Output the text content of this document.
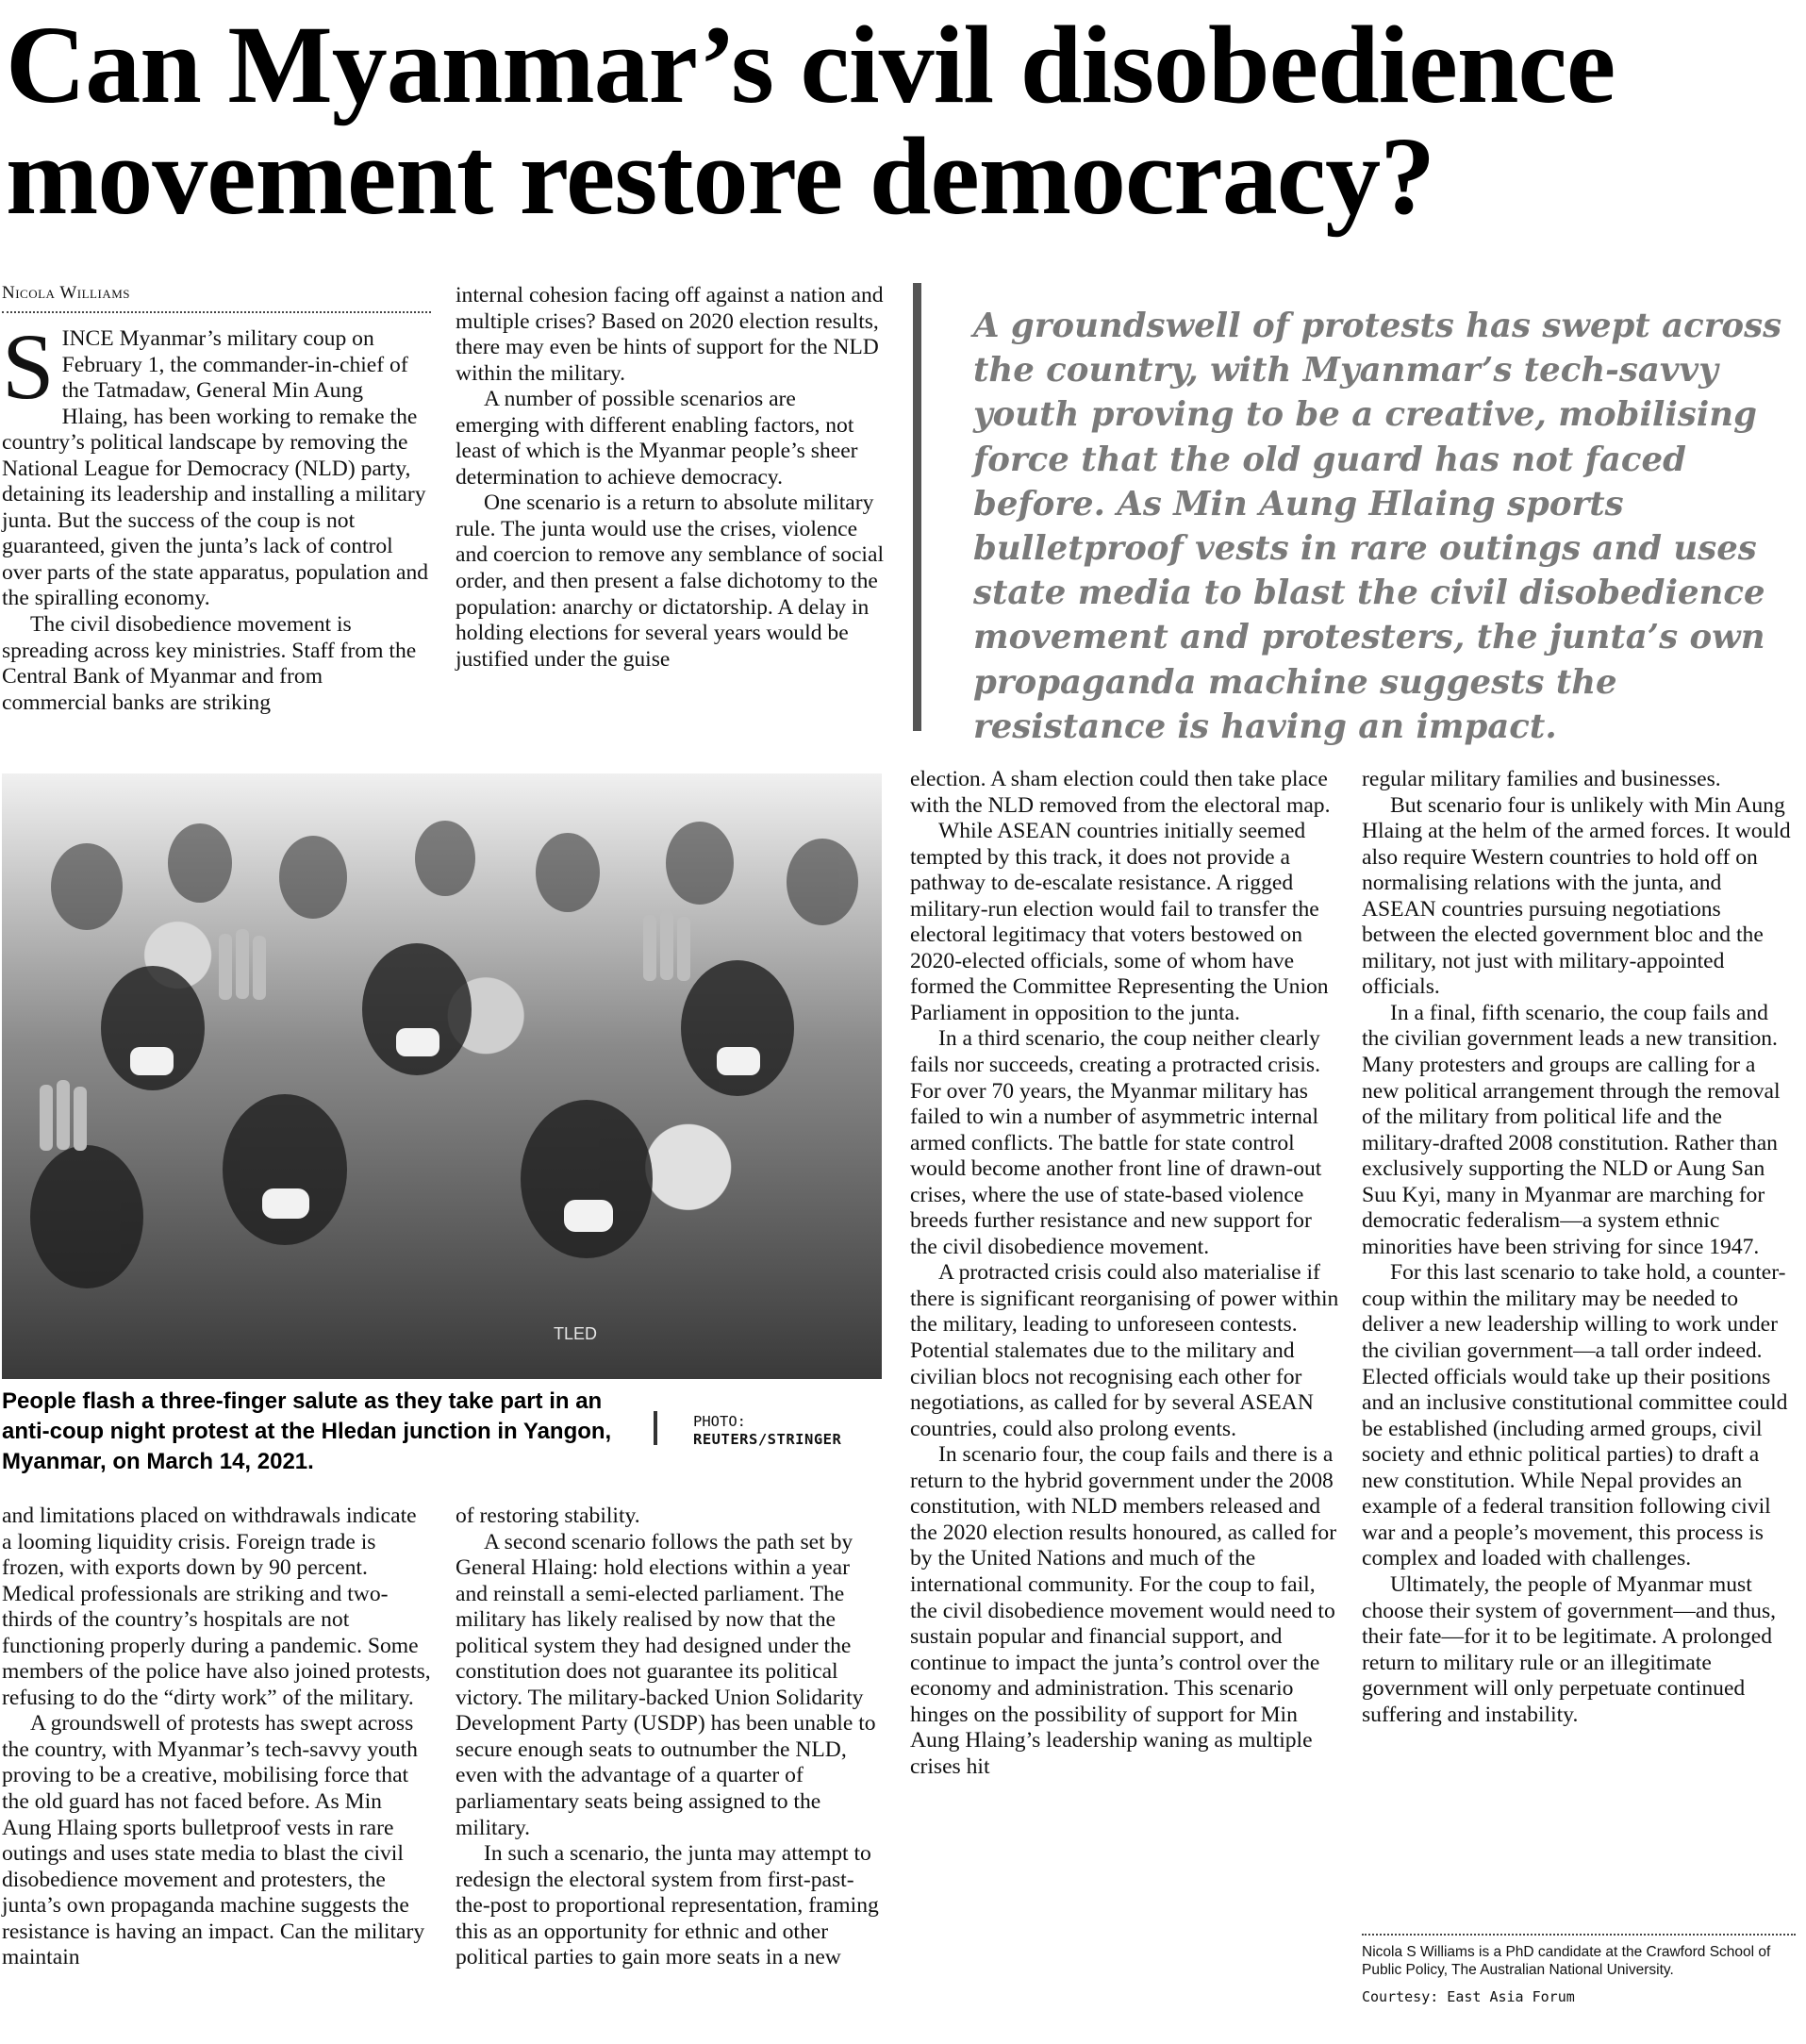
Can Myanmar’s civil disobedience
movement restore democracy?
Nicola Williams

SINCE Myanmar’s military coup on February 1, the commander-in-chief of the Tatmadaw, General Min Aung Hlaing, has been working to remake the country’s political landscape by removing the National League for Democracy (NLD) party, detaining its leadership and installing a military junta. But the success of the coup is not guaranteed, given the junta’s lack of control over parts of the state apparatus, population and the spiralling economy.

The civil disobedience movement is spreading across key ministries. Staff from the Central Bank of Myanmar and from commercial banks are striking

internal cohesion facing off against a nation and multiple crises? Based on 2020 election results, there may even be hints of support for the NLD within the military.

A number of possible scenarios are emerging with different enabling factors, not least of which is the Myanmar people’s sheer determination to achieve democracy.

One scenario is a return to absolute military rule. The junta would use the crises, violence and coercion to remove any semblance of social order, and then present a false dichotomy to the population: anarchy or dictatorship. A delay in holding elections for several years would be justified under the guise

A groundswell of protests has swept across the country, with Myanmar’s tech-savvy youth proving to be a creative, mobilising force that the old guard has not faced before. As Min Aung Hlaing sports bulletproof vests in rare outings and uses state media to blast the civil disobedience movement and protesters, the junta’s own propaganda machine suggests the resistance is having an impact.
TLED
People flash a three-finger salute as they take part in an anti-coup night protest at the Hledan junction in Yangon, Myanmar, on March 14, 2021.
PHOTO:
REUTERS/STRINGER

and limitations placed on withdrawals indicate a looming liquidity crisis. Foreign trade is frozen, with exports down by 90 percent. Medical professionals are striking and two-thirds of the country’s hospitals are not functioning properly during a pandemic. Some members of the police have also joined protests, refusing to do the “dirty work” of the military.

A groundswell of protests has swept across the country, with Myanmar’s tech-savvy youth proving to be a creative, mobilising force that the old guard has not faced before. As Min Aung Hlaing sports bulletproof vests in rare outings and uses state media to blast the civil disobedience movement and protesters, the junta’s own propaganda machine suggests the resistance is having an impact. Can the military maintain

of restoring stability.

A second scenario follows the path set by General Hlaing: hold elections within a year and reinstall a semi-elected parliament. The military has likely realised by now that the political system they had designed under the constitution does not guarantee its political victory. The military-backed Union Solidarity Development Party (USDP) has been unable to secure enough seats to outnumber the NLD, even with the advantage of a quarter of parliamentary seats being assigned to the military.

In such a scenario, the junta may attempt to redesign the electoral system from first-past-the-post to proportional representation, framing this as an opportunity for ethnic and other political parties to gain more seats in a new

election. A sham election could then take place with the NLD removed from the electoral map.

While ASEAN countries initially seemed tempted by this track, it does not provide a pathway to de-escalate resistance. A rigged military-run election would fail to transfer the electoral legitimacy that voters bestowed on 2020-elected officials, some of whom have formed the Committee Representing the Union Parliament in opposition to the junta.

In a third scenario, the coup neither clearly fails nor succeeds, creating a protracted crisis. For over 70 years, the Myanmar military has failed to win a number of asymmetric internal armed conflicts. The battle for state control would become another front line of drawn-out crises, where the use of state-based violence breeds further resistance and new support for the civil disobedience movement.

A protracted crisis could also materialise if there is significant reorganising of power within the military, leading to unforeseen contests. Potential stalemates due to the military and civilian blocs not recognising each other for negotiations, as called for by several ASEAN countries, could also prolong events.

In scenario four, the coup fails and there is a return to the hybrid government under the 2008 constitution, with NLD members released and the 2020 election results honoured, as called for by the United Nations and much of the international community. For the coup to fail, the civil disobedience movement would need to sustain popular and financial support, and continue to impact the junta’s control over the economy and administration. This scenario hinges on the possibility of support for Min Aung Hlaing’s leadership waning as multiple crises hit

regular military families and businesses.

But scenario four is unlikely with Min Aung Hlaing at the helm of the armed forces. It would also require Western countries to hold off on normalising relations with the junta, and ASEAN countries pursuing negotiations between the elected government bloc and the military, not just with military-appointed officials.

In a final, fifth scenario, the coup fails and the civilian government leads a new transition. Many protesters and groups are calling for a new political arrangement through the removal of the military from political life and the military-drafted 2008 constitution. Rather than exclusively supporting the NLD or Aung San Suu Kyi, many in Myanmar are marching for democratic federalism—a system ethnic minorities have been striving for since 1947.

For this last scenario to take hold, a counter-coup within the military may be needed to deliver a new leadership willing to work under the civilian government—a tall order indeed. Elected officials would take up their positions and an inclusive constitutional committee could be established (including armed groups, civil society and ethnic political parties) to draft a new constitution. While Nepal provides an example of a federal transition following civil war and a people’s movement, this process is complex and loaded with challenges.

Ultimately, the people of Myanmar must choose their system of government—and thus, their fate—for it to be legitimate. A prolonged return to military rule or an illegitimate government will only perpetuate continued suffering and instability.

Nicola S Williams is a PhD candidate at the Crawford School of Public Policy, The Australian National University.
Courtesy: East Asia Forum
